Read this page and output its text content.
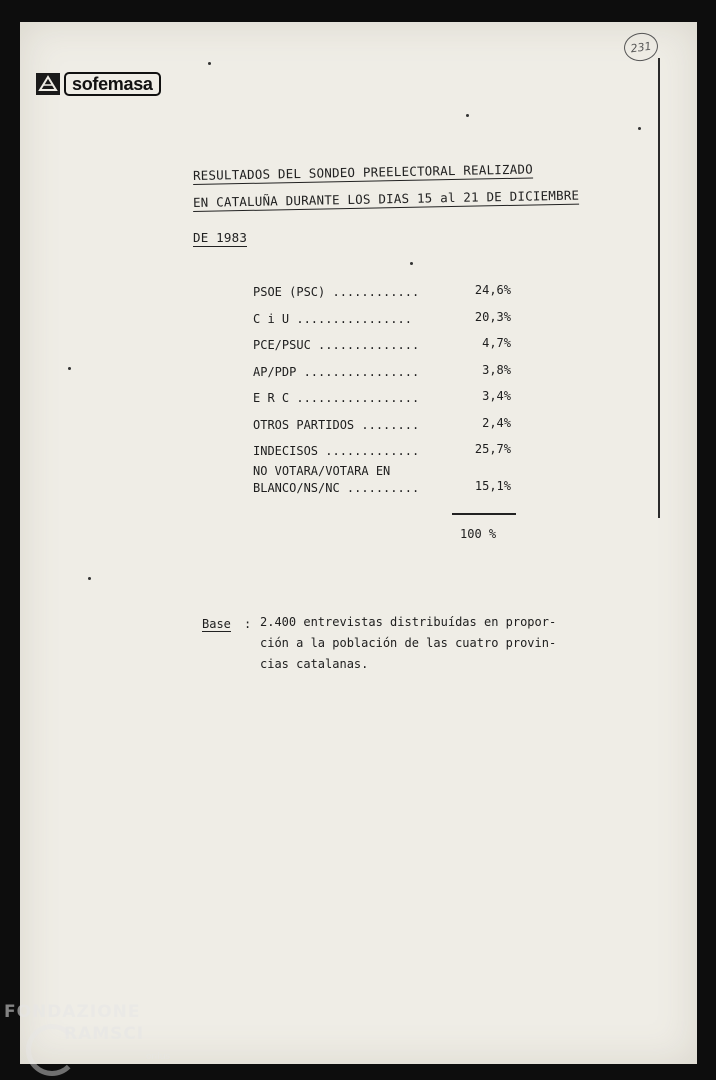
231
sofemasa
RESULTADOS DEL SONDEO PREELECTORAL REALIZADO
EN CATALUÑA DURANTE LOS DIAS 15 al 21 DE DICIEMBRE
DE 1983
PSOE (PSC) ............	24,6%
C i U ................	20,3%
PCE/PSUC ..............	4,7%
AP/PDP ................	3,8%
E R C .................	3,4%
OTROS PARTIDOS ........	2,4%
INDECISOS .............	25,7%
NO VOTARA/VOTARA EN
BLANCO/NS/NC ..........	15,1%
100 %
Base : 2.400 entrevistas distribuídas en propor-
ción a la población de las cuatro provin-
cias catalanas.
FONDAZIONE
RAMSCI
onlus
